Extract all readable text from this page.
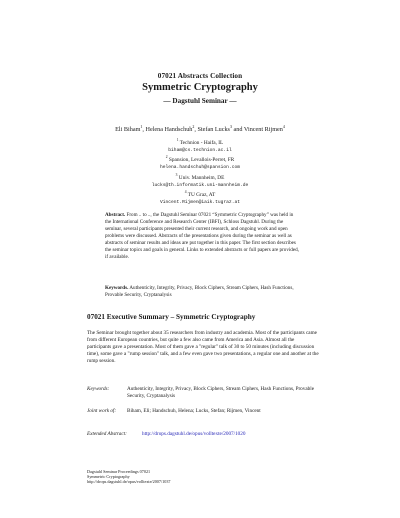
07021 Abstracts Collection
Symmetric Cryptography
— Dagstuhl Seminar —
Eli Biham$^1$, Helena Handschuh$^2$, Stefan Lucks$^3$ and Vincent Rijmen$^4$
$^1$ Technion - Haifa, IL
biham@cs.technion.ac.il
$^2$ Spansion, Levallois-Perret, FR
helena.handschuh@spansion.com
$^3$ Univ. Mannheim, DE
lucks@th.informatik.uni-mannheim.de
$^4$ TU Graz, AT
Vincent.Rijmen@iaik.tugraz.at
Abstract. From .. to .., the Dagstuhl Seminar 07021 “Symmetric Cryptography” was held in the International Conference and Research Center (IBFI), Schloss Dagstuhl. During the seminar, several participants presented their current research, and ongoing work and open problems were discussed. Abstracts of the presentations given during the seminar as well as abstracts of seminar results and ideas are put together in this paper. The first section describes the seminar topics and goals in general. Links to extended abstracts or full papers are provided, if available.
Keywords. Authenticity, Integrity, Privacy, Block Ciphers, Stream Ciphers, Hash Functions, Provable Security, Cryptanalysis
07021 Executive Summary – Symmetric Cryptography
The Seminar brought together about 35 researchers from industry and academia. Most of the participants came from different European countries, but quite a few also came from America and Asia. Almost all the participants gave a presentation. Most of them gave a "regular" talk of 30 to 50 minutes (including discussion time), some gave a "rump session" talk, and a few even gave two presentations, a regular one and another at the rump session.
Keywords:	Authenticity, Integrity, Privacy, Block Ciphers, Stream Ciphers, Hash Functions, Provable Security, Cryptanalysis
Joint work of: Biham, Eli; Handschuh, Helena; Lucks, Stefan; Rijmen, Vincent
Extended Abstract:	http://drops.dagstuhl.de/opus/volltexte/2007/1020
Dagstuhl Seminar Proceedings 07021
Symmetric Cryptography
http://drops.dagstuhl.de/opus/volltexte/2007/1037
